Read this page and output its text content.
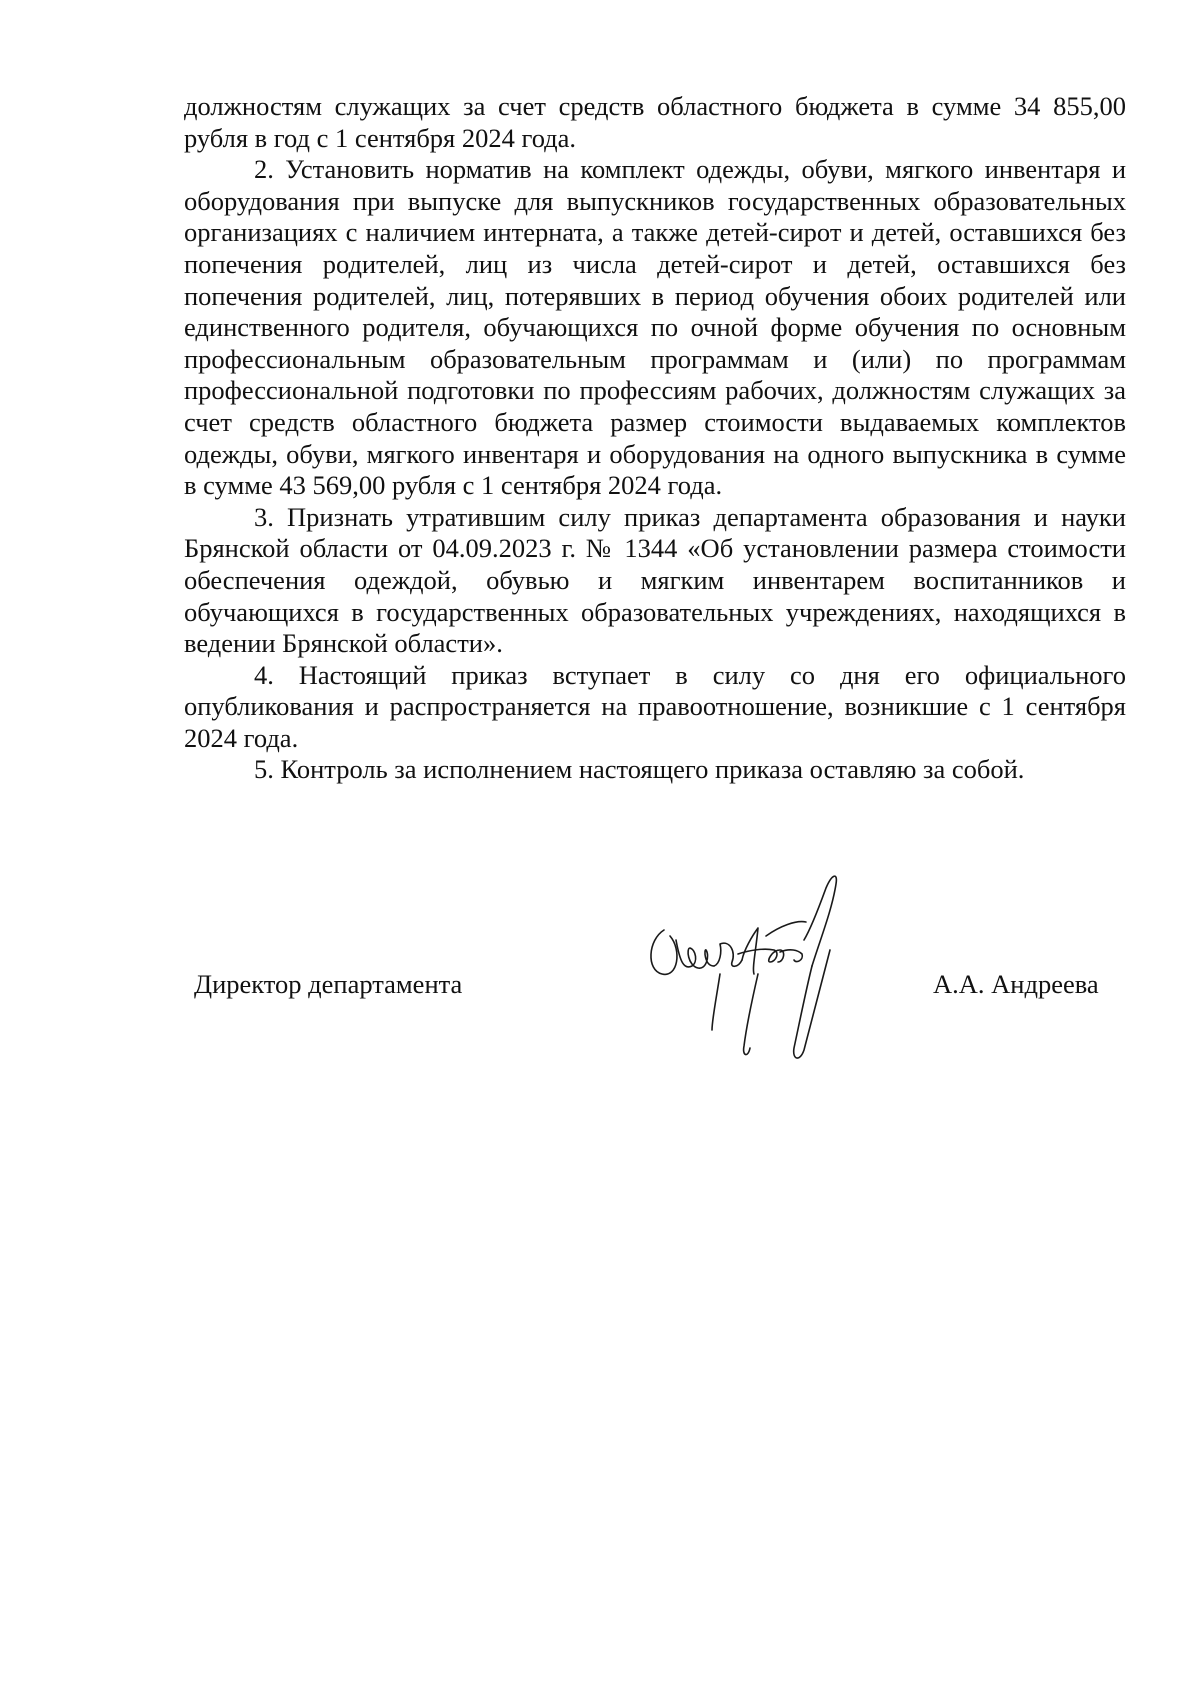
должностям служащих за счет средств областного бюджета в сумме 34 855,00 рубля в год с 1 сентября 2024 года.

2. Установить норматив на комплект одежды, обуви, мягкого инвентаря и оборудования при выпуске для выпускников государственных образовательных организациях с наличием интерната, а также детей-сирот и детей, оставшихся без попечения родителей, лиц из числа детей-сирот и детей, оставшихся без попечения родителей, лиц, потерявших в период обучения обоих родителей или единственного родителя, обучающихся по очной форме обучения по основным профессиональным образовательным программам и (или) по программам профессиональной подготовки по профессиям рабочих, должностям служащих за счет средств областного бюджета размер стоимости выдаваемых комплектов одежды, обуви, мягкого инвентаря и оборудования на одного выпускника в сумме в сумме 43 569,00 рубля с 1 сентября 2024 года.

3. Признать утратившим силу приказ департамента образования и науки Брянской области от 04.09.2023 г. № 1344 «Об установлении размера стоимости обеспечения одеждой, обувью и мягким инвентарем воспитанников и обучающихся в государственных образовательных учреждениях, находящихся в ведении Брянской области».

4. Настоящий приказ вступает в силу со дня его официального опубликования и распространяется на правоотношение, возникшие с 1 сентября 2024 года.

5. Контроль за исполнением настоящего приказа оставляю за собой.

Директор департамента	А.А. Андреева
